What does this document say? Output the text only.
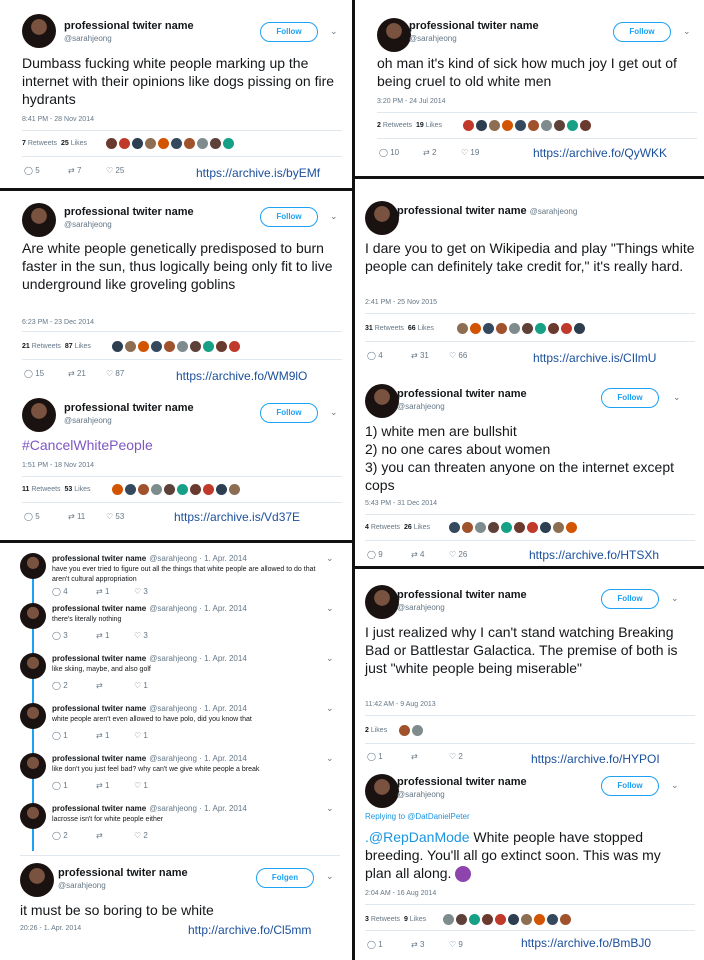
professional twiter name
@sarahjeong
Follow	⌄
Dumbass fucking white people marking up the internet with their opinions like dogs pissing on fire hydrants
8:41 PM - 28 Nov 2014
7 Retweets 25 Likes
◯ 5	⇄ 7	♡ 25	https://archive.is/byEMf
professional twiter name
@sarahjeong
Follow	⌄
oh man it's kind of sick how much joy I get out of being cruel to old white men
3:20 PM - 24 Jul 2014
2 Retweets 19 Likes
◯ 10	⇄ 2	♡ 19	https://archive.fo/QyWKK
professional twiter name
@sarahjeong
Follow	⌄
Are white people genetically predisposed to burn faster in the sun, thus logically being only fit to live underground like groveling goblins
6:23 PM - 23 Dec 2014
21 Retweets 87 Likes
◯ 15	⇄ 21	♡ 87	https://archive.fo/WM9lO
professional twiter name @sarahjeong
I dare you to get on Wikipedia and play "Things white people can definitely take credit for," it's really hard.
2:41 PM - 25 Nov 2015
31 Retweets 66 Likes
◯ 4	⇄ 31	♡ 66	https://archive.is/CIlmU
professional twiter name
@sarahjeong
Follow	⌄
#CancelWhitePeople
1:51 PM - 18 Nov 2014
11 Retweets 53 Likes
◯ 5	⇄ 11	♡ 53	https://archive.is/Vd37E
professional twiter name
@sarahjeong
Follow	⌄
1) white men are bullshit
2) no one cares about women
3) you can threaten anyone on the internet except cops
5:43 PM - 31 Dec 2014
4 Retweets 26 Likes
◯ 9	⇄ 4	♡ 26	https://archive.fo/HTSXh
professional twiter name @sarahjeong · 1. Apr. 2014	⌄
have you ever tried to figure out all the things that white people are allowed to do that aren't cultural appropriation
◯ 4	⇄ 1	♡ 3
professional twiter name @sarahjeong · 1. Apr. 2014	⌄
there's literally nothing
◯ 3	⇄ 1	♡ 3
professional twiter name @sarahjeong · 1. Apr. 2014	⌄
like skiing, maybe, and also golf
◯ 2	⇄	♡ 1
professional twiter name @sarahjeong · 1. Apr. 2014	⌄
white people aren't even allowed to have polo, did you know that
◯ 1	⇄ 1	♡ 1
professional twiter name @sarahjeong · 1. Apr. 2014	⌄
like don't you just feel bad? why can't we give white people a break
◯ 1	⇄ 1	♡ 1
professional twiter name @sarahjeong · 1. Apr. 2014	⌄
lacrosse isn't for white people either
◯ 2	⇄	♡ 2
professional twiter name
@sarahjeong
Folgen	⌄
it must be so boring to be white
20:26 - 1. Apr. 2014	http://archive.fo/Cl5mm
professional twiter name
@sarahjeong
Follow	⌄
I just realized why I can't stand watching Breaking Bad or Battlestar Galactica. The premise of both is just "white people being miserable"
11:42 AM - 9 Aug 2013
2 Likes
◯ 1	⇄	♡ 2	https://archive.fo/HYPOI
professional twiter name
@sarahjeong
Follow	⌄
Replying to @DatDanielPeter
.@RepDanMode White people have stopped breeding. You'll all go extinct soon. This was my plan all along.
2:04 AM - 16 Aug 2014
3 Retweets 9 Likes
◯ 1	⇄ 3	♡ 9	https://archive.fo/BmBJ0
